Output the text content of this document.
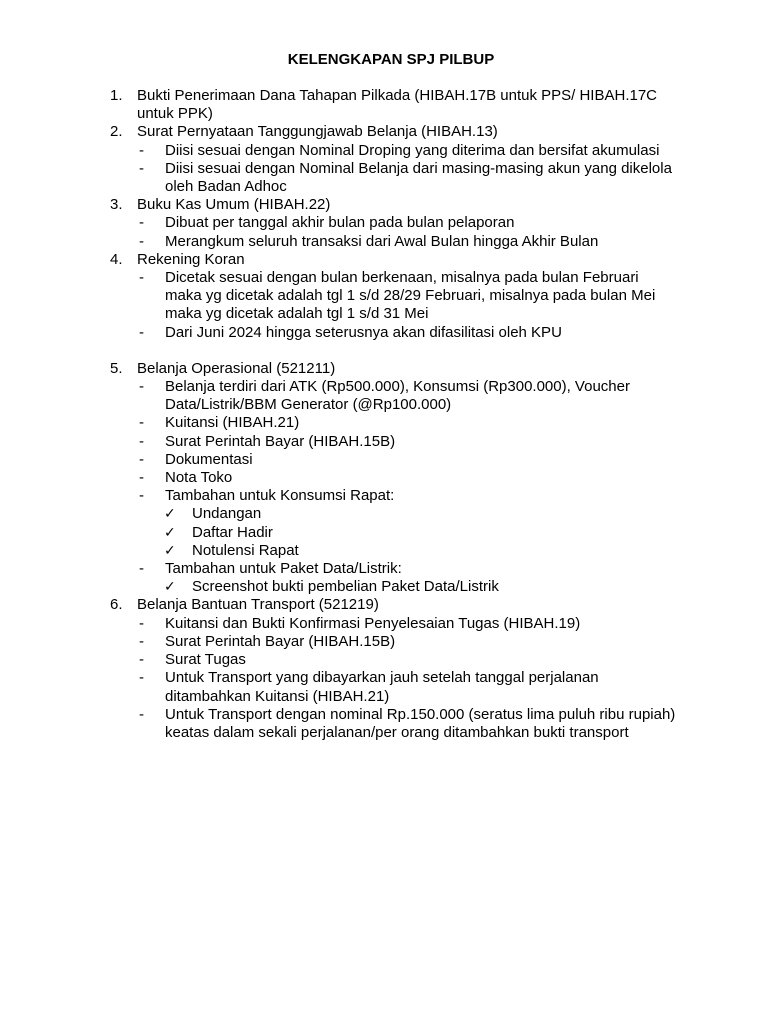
KELENGKAPAN SPJ PILBUP
1. Bukti Penerimaan Dana Tahapan Pilkada (HIBAH.17B untuk PPS/ HIBAH.17C untuk PPK)
2. Surat Pernyataan Tanggungjawab Belanja (HIBAH.13)
- Diisi sesuai dengan Nominal Droping yang diterima dan bersifat akumulasi
- Diisi sesuai dengan Nominal Belanja dari masing-masing akun yang dikelola oleh Badan Adhoc
3. Buku Kas Umum (HIBAH.22)
- Dibuat per tanggal akhir bulan pada bulan pelaporan
- Merangkum seluruh transaksi dari Awal Bulan hingga Akhir Bulan
4. Rekening Koran
- Dicetak sesuai dengan bulan berkenaan, misalnya pada bulan Februari maka yg dicetak adalah tgl 1 s/d 28/29 Februari, misalnya pada bulan Mei maka yg dicetak adalah tgl 1 s/d 31 Mei
- Dari Juni 2024 hingga seterusnya akan difasilitasi oleh KPU
5. Belanja Operasional (521211)
- Belanja terdiri dari ATK (Rp500.000), Konsumsi (Rp300.000), Voucher Data/Listrik/BBM Generator (@Rp100.000)
- Kuitansi (HIBAH.21)
- Surat Perintah Bayar (HIBAH.15B)
- Dokumentasi
- Nota Toko
- Tambahan untuk Konsumsi Rapat:
✓ Undangan
✓ Daftar Hadir
✓ Notulensi Rapat
- Tambahan untuk Paket Data/Listrik:
✓ Screenshot bukti pembelian Paket Data/Listrik
6. Belanja Bantuan Transport (521219)
- Kuitansi dan Bukti Konfirmasi Penyelesaian Tugas (HIBAH.19)
- Surat Perintah Bayar (HIBAH.15B)
- Surat Tugas
- Untuk Transport yang dibayarkan jauh setelah tanggal perjalanan ditambahkan Kuitansi (HIBAH.21)
- Untuk Transport dengan nominal Rp.150.000 (seratus lima puluh ribu rupiah) keatas dalam sekali perjalanan/per orang ditambahkan bukti transport
